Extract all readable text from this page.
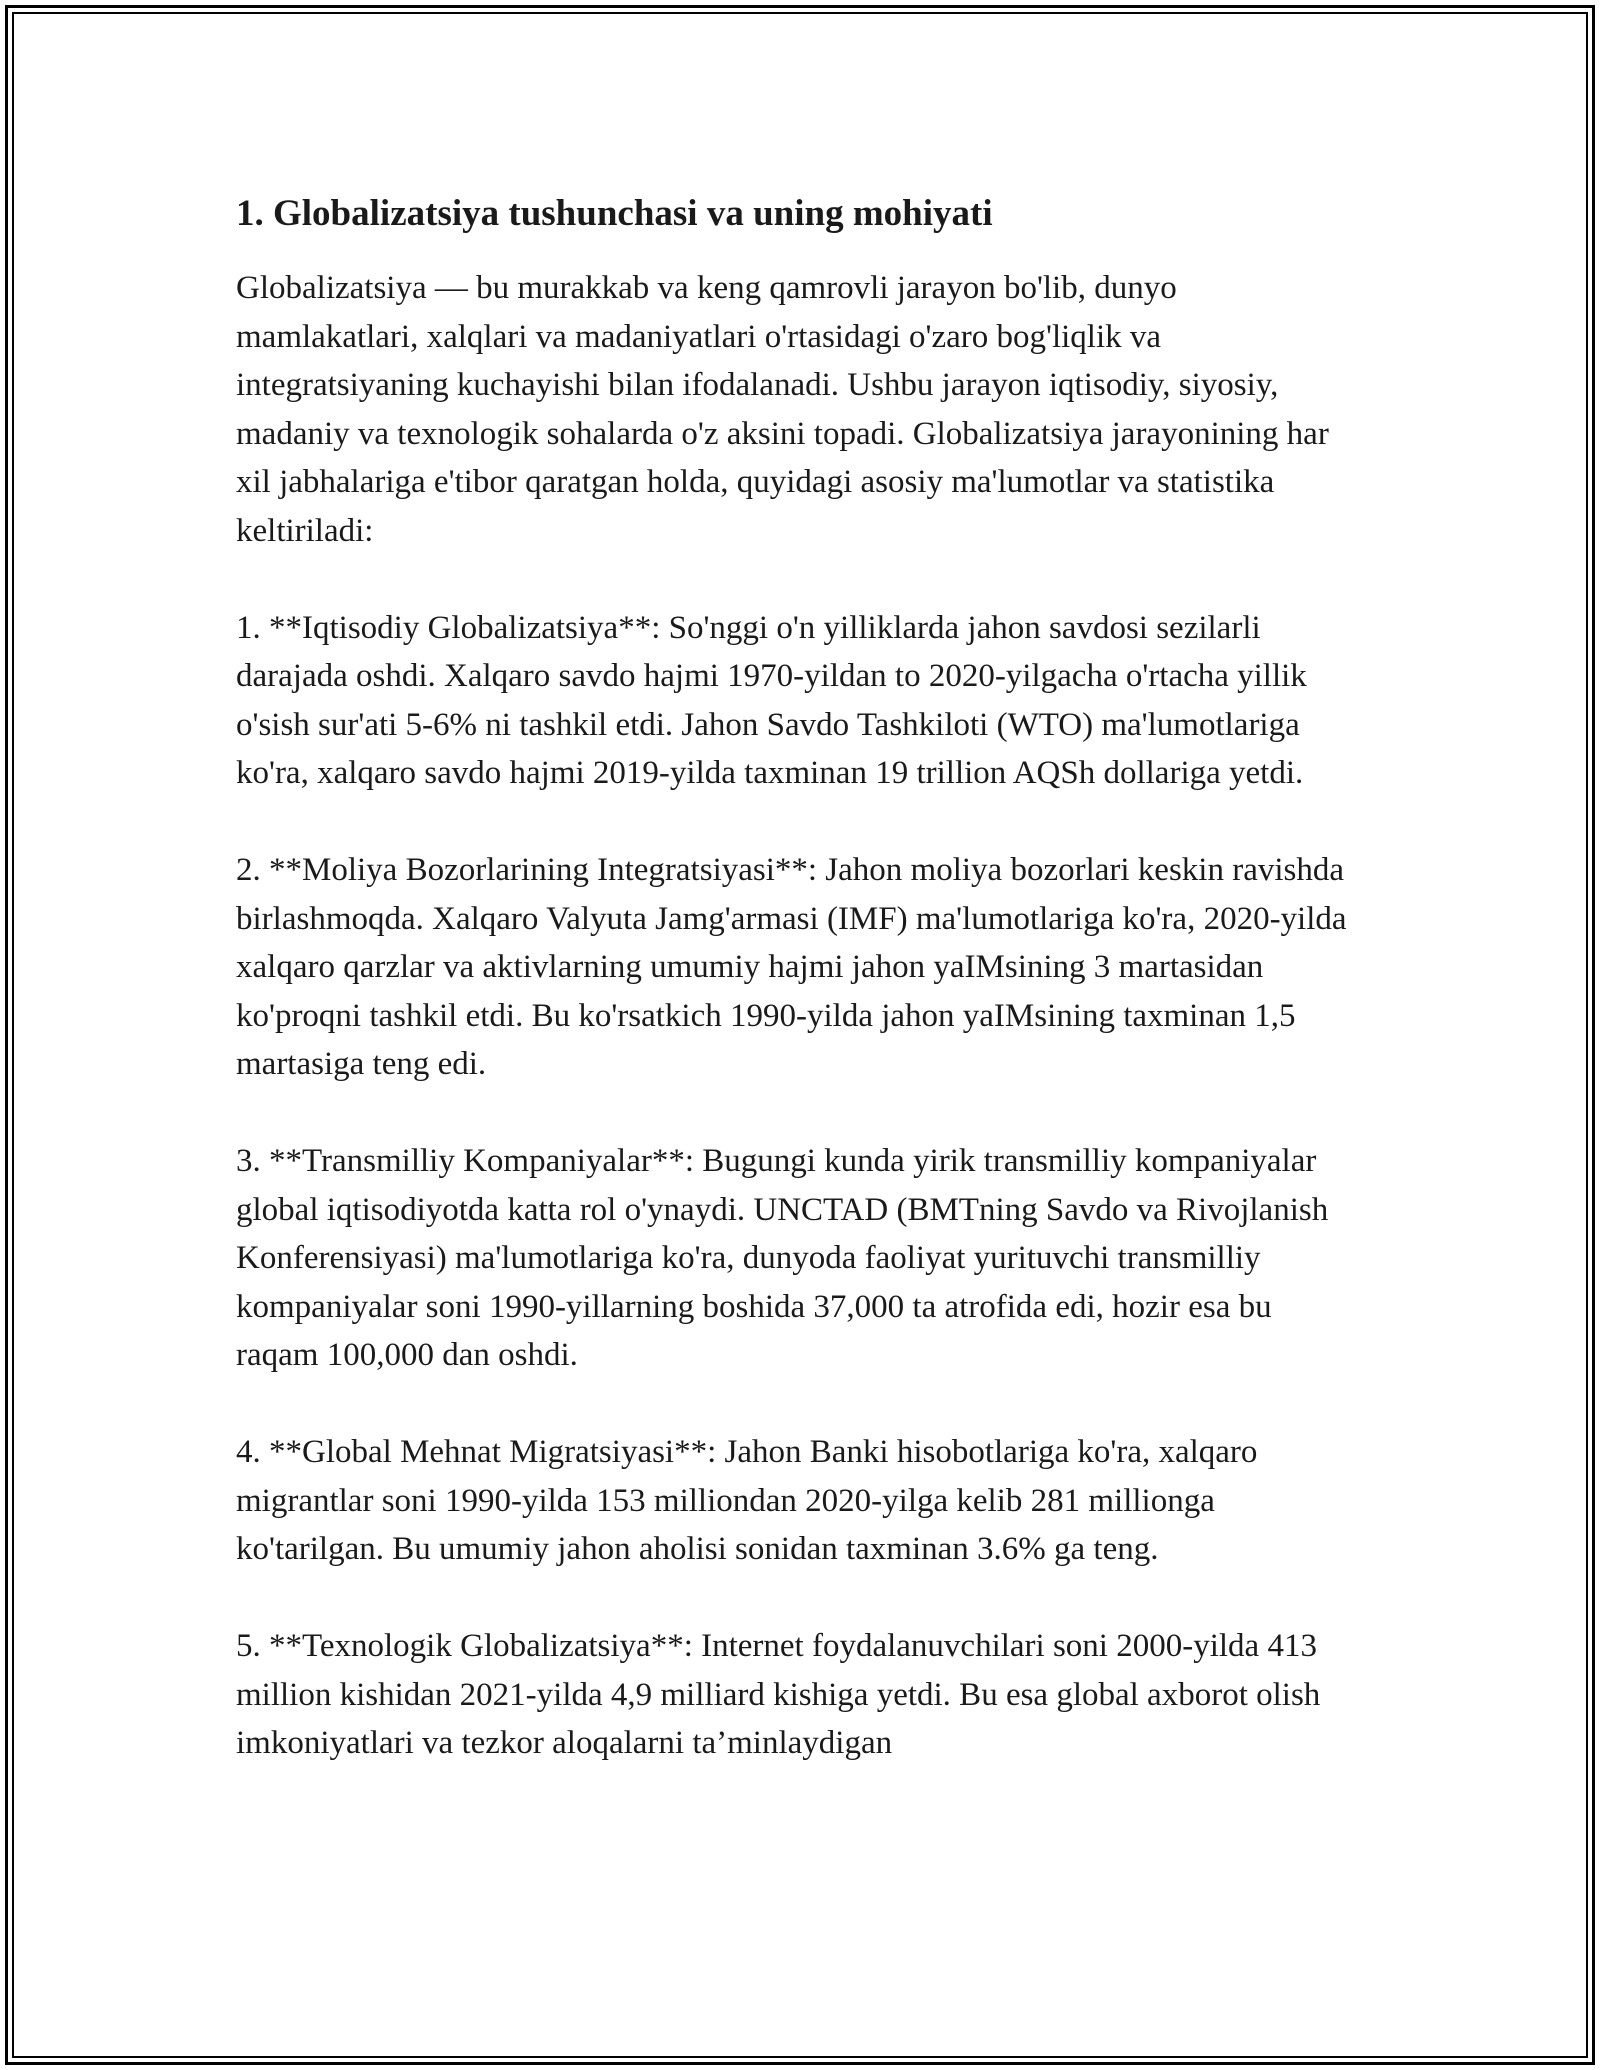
1. Globalizatsiya tushunchasi va uning mohiyati

Globalizatsiya — bu murakkab va keng qamrovli jarayon bo'lib, dunyo mamlakatlari, xalqlari va madaniyatlari o'rtasidagi o'zaro bog'liqlik va integratsiyaning kuchayishi bilan ifodalanadi. Ushbu jarayon iqtisodiy, siyosiy, madaniy va texnologik sohalarda o'z aksini topadi. Globalizatsiya jarayonining har xil jabhalariga e'tibor qaratgan holda, quyidagi asosiy ma'lumotlar va statistika keltiriladi:

1. **Iqtisodiy Globalizatsiya**: So'nggi o'n yilliklarda jahon savdosi sezilarli darajada oshdi. Xalqaro savdo hajmi 1970-yildan to 2020-yilgacha o'rtacha yillik o'sish sur'ati 5-6% ni tashkil etdi. Jahon Savdo Tashkiloti (WTO) ma'lumotlariga ko'ra, xalqaro savdo hajmi 2019-yilda taxminan 19 trillion AQSh dollariga yetdi.

2. **Moliya Bozorlarining Integratsiyasi**: Jahon moliya bozorlari keskin ravishda birlashmoqda. Xalqaro Valyuta Jamg'armasi (IMF) ma'lumotlariga ko'ra, 2020-yilda xalqaro qarzlar va aktivlarning umumiy hajmi jahon yaIMsining 3 martasidan ko'proqni tashkil etdi. Bu ko'rsatkich 1990-yilda jahon yaIMsining taxminan 1,5 martasiga teng edi.

3. **Transmilliy Kompaniyalar**: Bugungi kunda yirik transmilliy kompaniyalar global iqtisodiyotda katta rol o'ynaydi. UNCTAD (BMTning Savdo va Rivojlanish Konferensiyasi) ma'lumotlariga ko'ra, dunyoda faoliyat yurituvchi transmilliy kompaniyalar soni 1990-yillarning boshida 37,000 ta atrofida edi, hozir esa bu raqam 100,000 dan oshdi.

4. **Global Mehnat Migratsiyasi**: Jahon Banki hisobotlariga ko'ra, xalqaro migrantlar soni 1990-yilda 153 milliondan 2020-yilga kelib 281 millionga ko'tarilgan. Bu umumiy jahon aholisi sonidan taxminan 3.6% ga teng.

5. **Texnologik Globalizatsiya**: Internet foydalanuvchilari soni 2000-yilda 413 million kishidan 2021-yilda 4,9 milliard kishiga yetdi. Bu esa global axborot olish imkoniyatlari va tezkor aloqalarni ta’minlaydigan
